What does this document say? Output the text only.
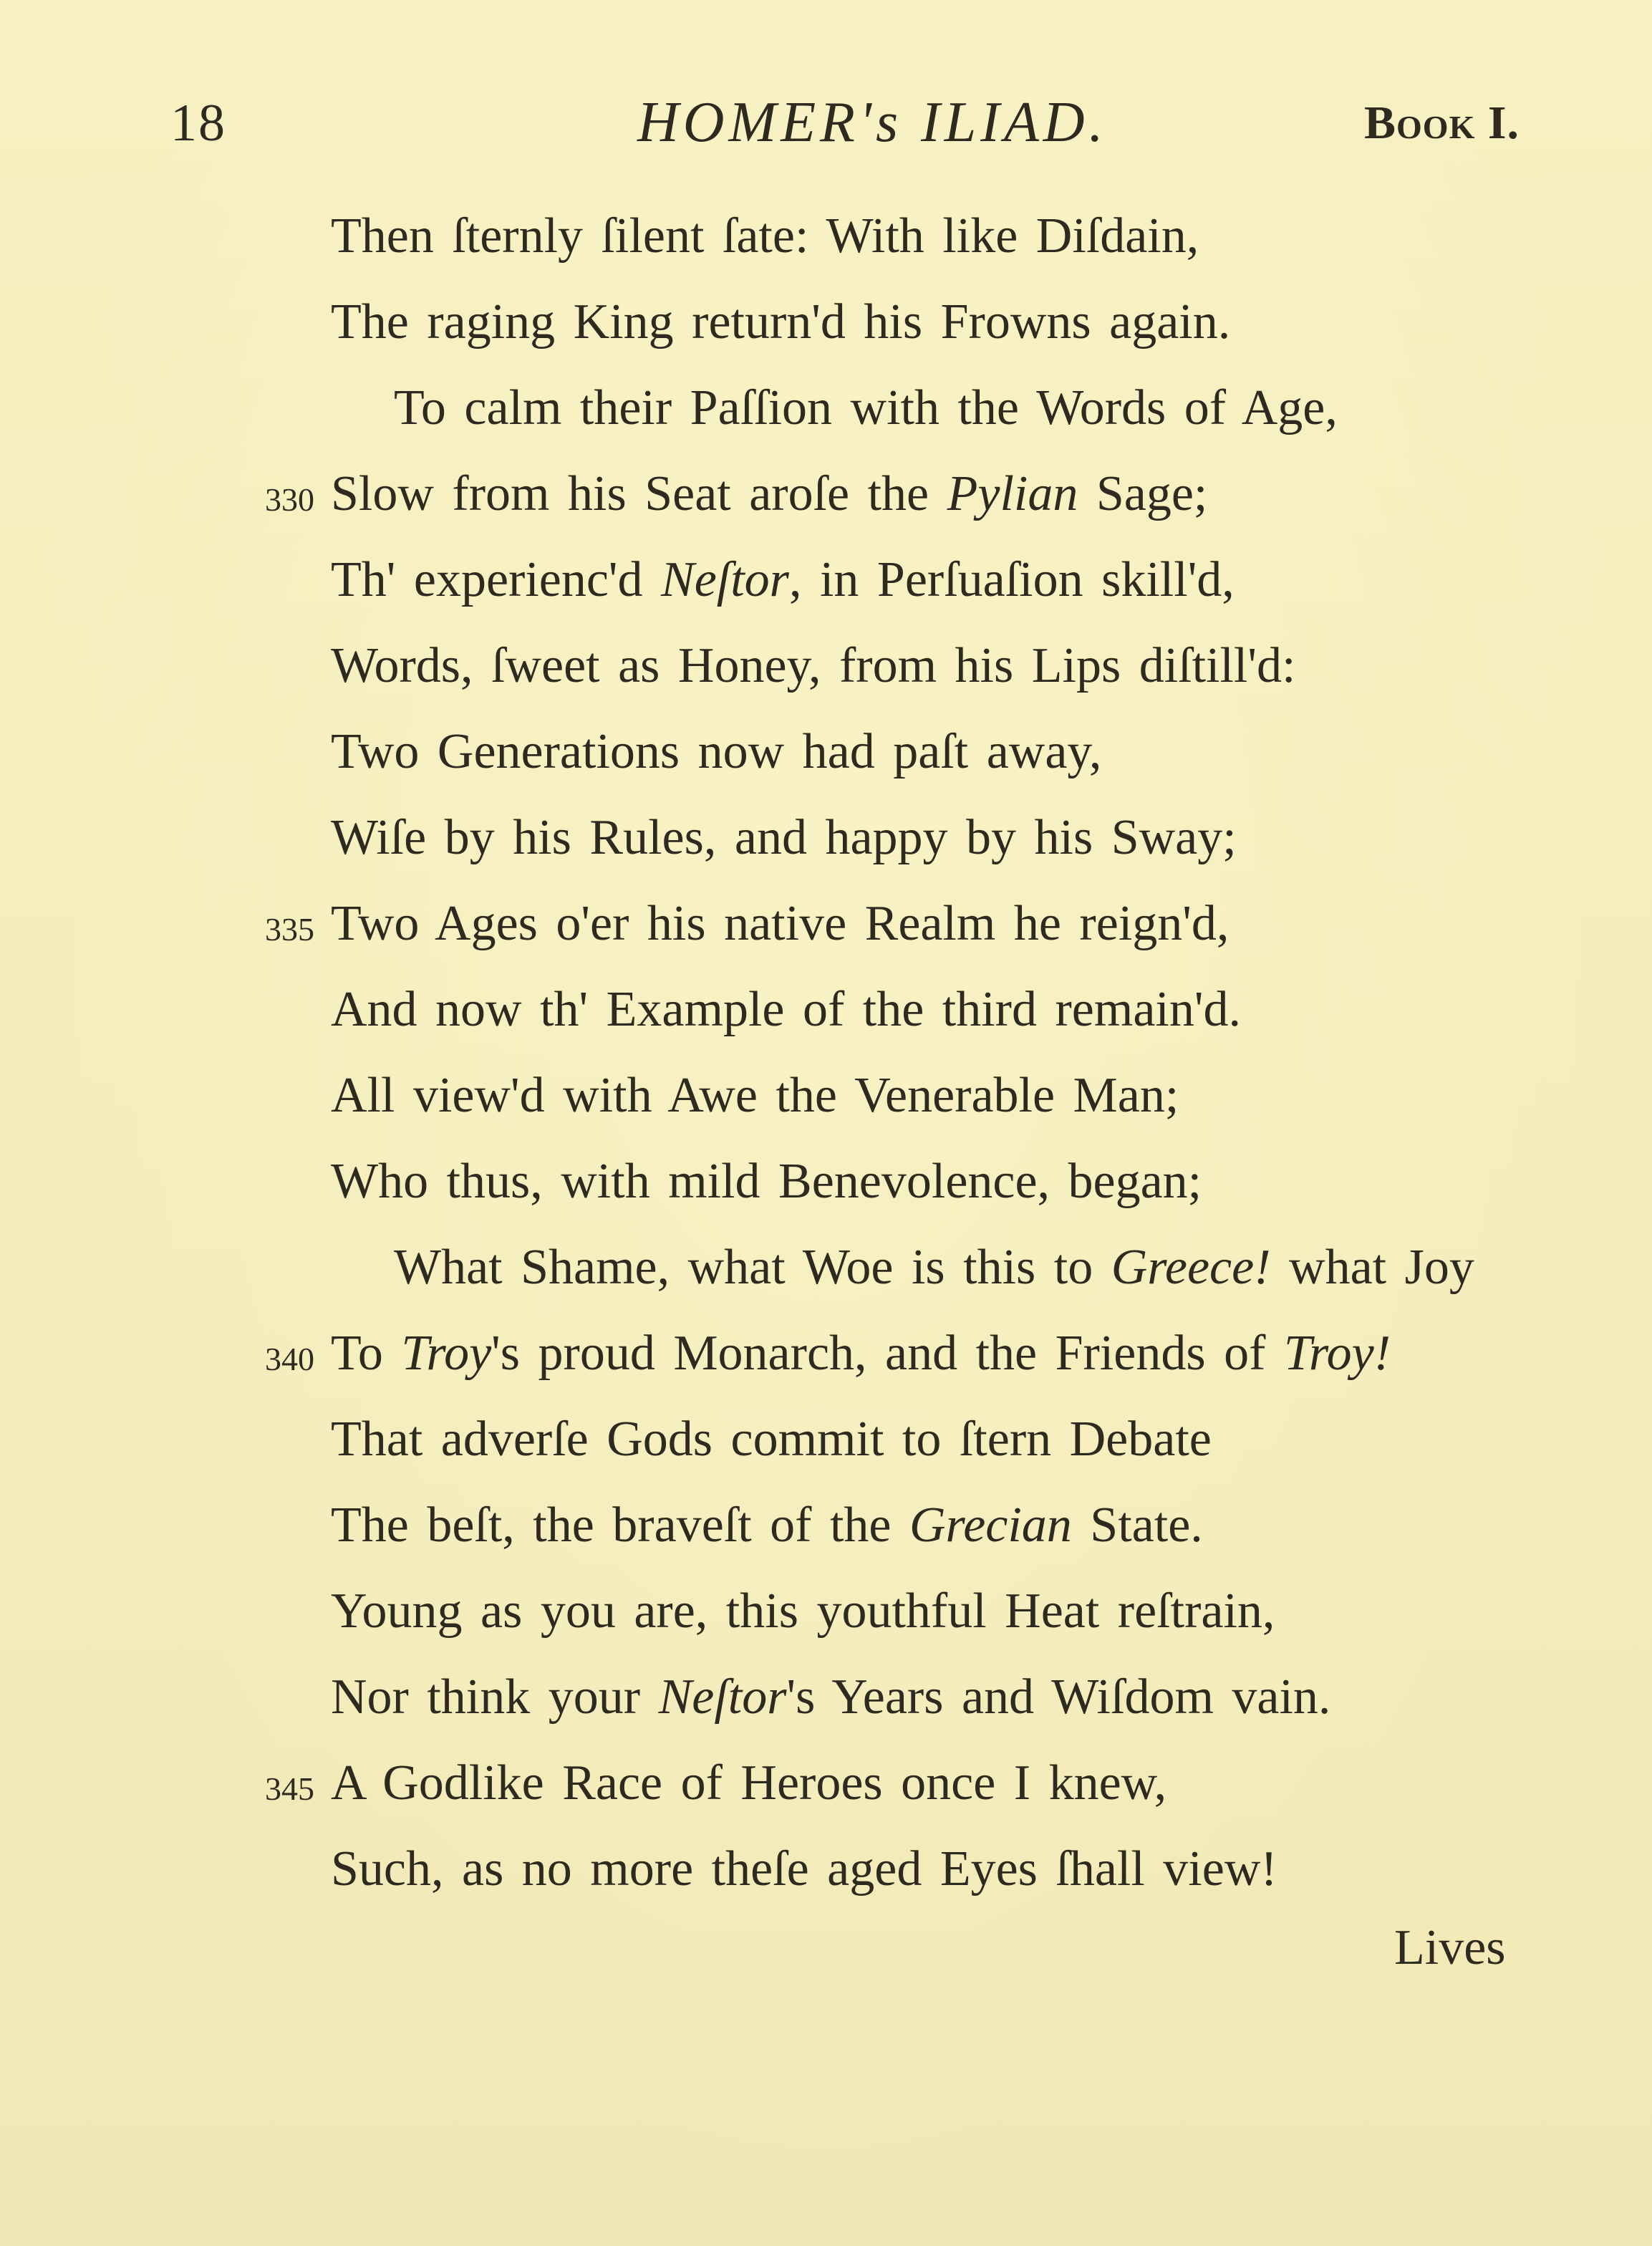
18	HOMER's ILIAD.	Book I.
Then ſternly ſilent ſate: With like Diſdain,
The raging King return'd his Frowns again.
To calm their Paſſion with the Words of Age,
330 Slow from his Seat aroſe the Pylian Sage;
Th' experienc'd Neſtor, in Perſuaſion skill'd,
Words, ſweet as Honey, from his Lips diſtill'd:
Two Generations now had paſt away,
Wiſe by his Rules, and happy by his Sway;
335 Two Ages o'er his native Realm he reign'd,
And now th' Example of the third remain'd.
All view'd with Awe the Venerable Man;
Who thus, with mild Benevolence, began;
What Shame, what Woe is this to Greece! what Joy
340 To Troy's proud Monarch, and the Friends of Troy!
That adverſe Gods commit to ſtern Debate
The beſt, the braveſt of the Grecian State.
Young as you are, this youthful Heat reſtrain,
Nor think your Neſtor's Years and Wiſdom vain.
345 A Godlike Race of Heroes once I knew,
Such, as no more theſe aged Eyes ſhall view!
Lives
